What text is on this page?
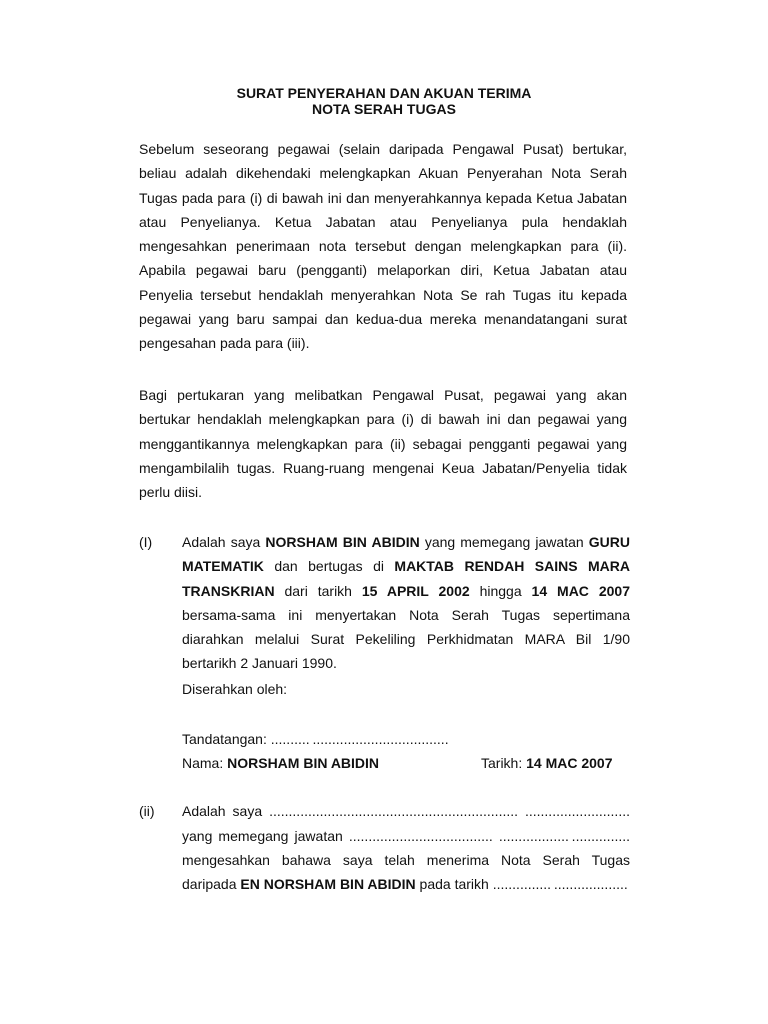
SURAT PENYERAHAN DAN AKUAN TERIMA
NOTA SERAH TUGAS

Sebelum seseorang pegawai (selain daripada Pengawal Pusat) bertukar, beliau adalah dikehendaki melengkapkan Akuan Penyerahan Nota Serah Tugas pada para (i) di bawah ini dan menyerahkannya kepada Ketua Jabatan atau Penyelianya. Ketua Jabatan atau Penyelianya pula hendaklah mengesahkan penerimaan nota tersebut dengan melengkapkan para (ii). Apabila pegawai baru (pengganti) melaporkan diri, Ketua Jabatan atau Penyelia tersebut hendaklah menyerahkan Nota Se rah Tugas itu kepada pegawai yang baru sampai dan kedua-dua mereka menandatangani surat pengesahan pada para (iii).

Bagi pertukaran yang melibatkan Pengawal Pusat, pegawai yang akan bertukar hendaklah melengkapkan para (i) di bawah ini dan pegawai yang menggantikannya melengkapkan para (ii) sebagai pengganti pegawai yang mengambilalih tugas. Ruang-ruang mengenai Keua Jabatan/Penyelia tidak perlu diisi.

(I) Adalah saya NORSHAM BIN ABIDIN yang memegang jawatan GURU MATEMATIK dan bertugas di MAKTAB RENDAH SAINS MARA TRANSKRIAN dari tarikh 15 APRIL 2002 hingga 14 MAC 2007 bersama-sama ini menyertakan Nota Serah Tugas sepertimana diarahkan melalui Surat Pekeliling Perkhidmatan MARA Bil 1/90 bertarikh 2 Januari 1990.

Diserahkan oleh:
Tandatangan: .......... ...................................
Nama: NORSHAM BIN ABIDIN	Tarikh: 14 MAC 2007
(ii) Adalah saya ................................................................ ...........................
yang memegang jawatan ..................................... .................. ...............
mengesahkan bahawa saya telah menerima Nota Serah Tugas
daripada EN NORSHAM BIN ABIDIN pada tarikh ............... ...................
